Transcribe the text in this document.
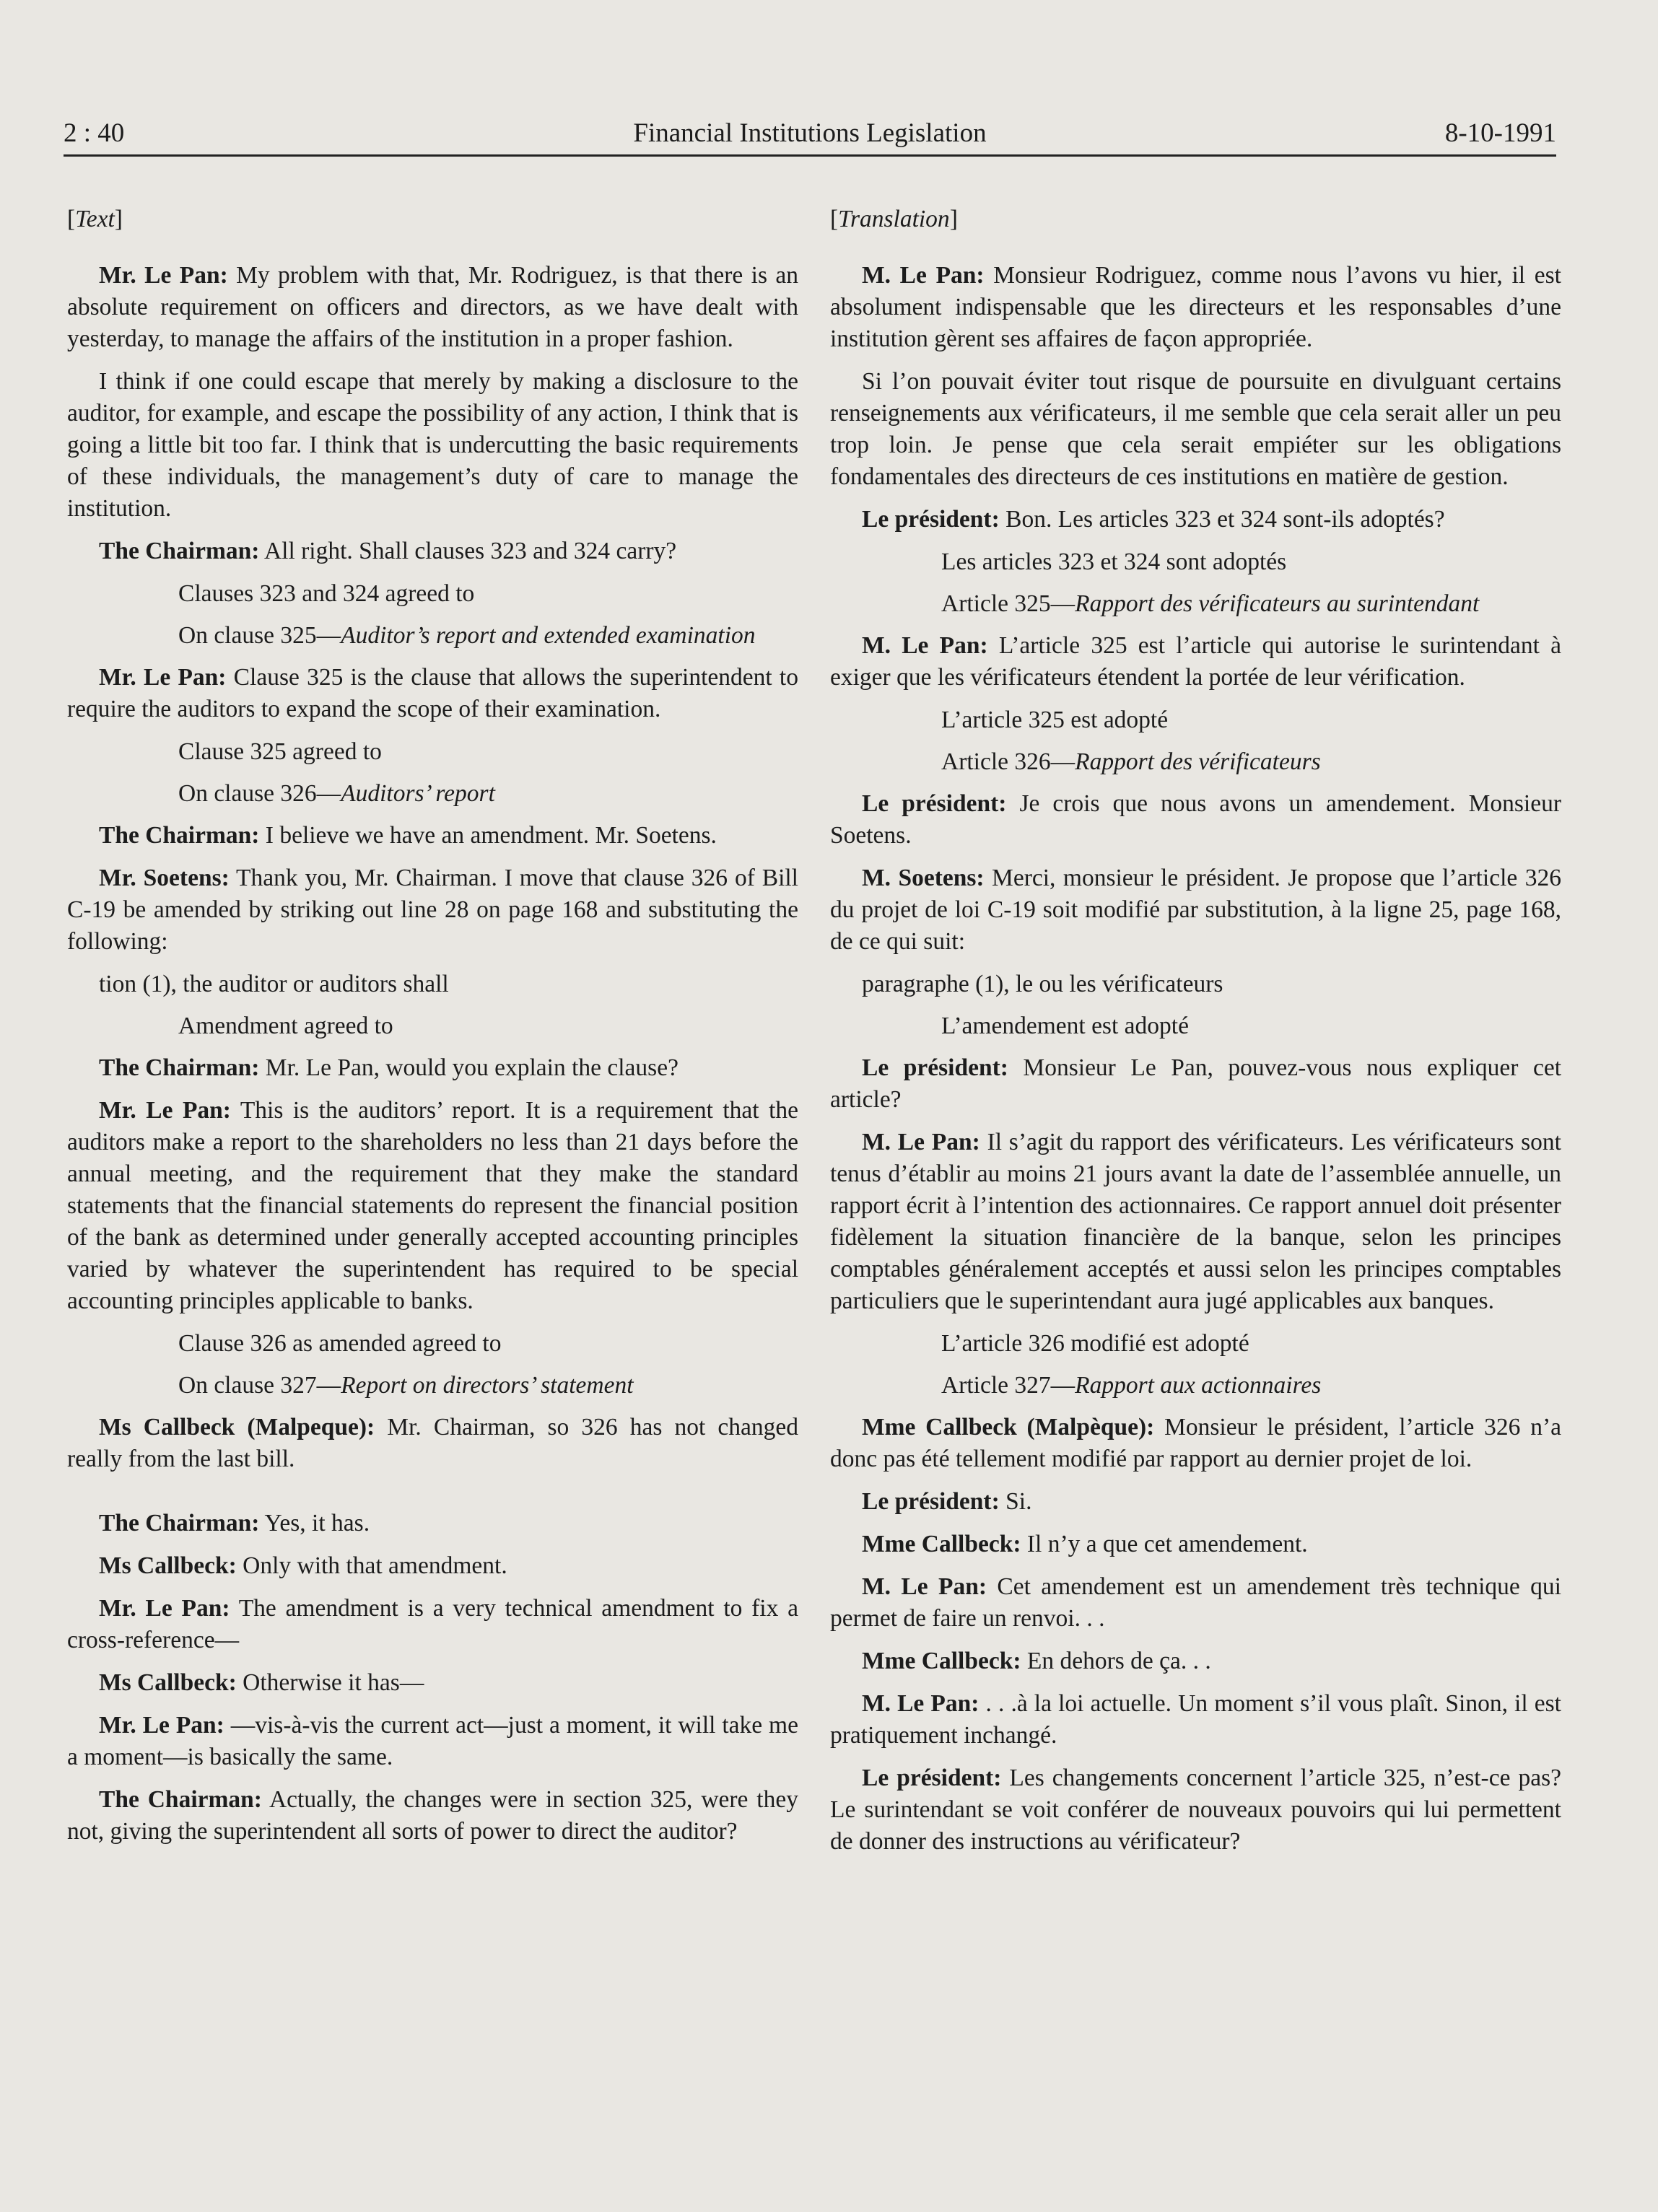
2 : 40	Financial Institutions Legislation	8-10-1991

[Text]

Mr. Le Pan: My problem with that, Mr. Rodriguez, is that there is an absolute requirement on officers and directors, as we have dealt with yesterday, to manage the affairs of the institution in a proper fashion.

I think if one could escape that merely by making a disclosure to the auditor, for example, and escape the possibility of any action, I think that is going a little bit too far. I think that is undercutting the basic requirements of these individuals, the management’s duty of care to manage the institution.

The Chairman: All right. Shall clauses 323 and 324 carry?

Clauses 323 and 324 agreed to

On clause 325—Auditor’s report and extended examination

Mr. Le Pan: Clause 325 is the clause that allows the superintendent to require the auditors to expand the scope of their examination.

Clause 325 agreed to

On clause 326—Auditors’ report

The Chairman: I believe we have an amendment. Mr. Soetens.

Mr. Soetens: Thank you, Mr. Chairman. I move that clause 326 of Bill C-19 be amended by striking out line 28 on page 168 and substituting the following:

tion (1), the auditor or auditors shall

Amendment agreed to

The Chairman: Mr. Le Pan, would you explain the clause?

Mr. Le Pan: This is the auditors’ report. It is a requirement that the auditors make a report to the shareholders no less than 21 days before the annual meeting, and the requirement that they make the standard statements that the financial statements do represent the financial position of the bank as determined under generally accepted accounting principles varied by whatever the superintendent has required to be special accounting principles applicable to banks.

Clause 326 as amended agreed to

On clause 327—Report on directors’ statement

Ms Callbeck (Malpeque): Mr. Chairman, so 326 has not changed really from the last bill.

The Chairman: Yes, it has.

Ms Callbeck: Only with that amendment.

Mr. Le Pan: The amendment is a very technical amendment to fix a cross-reference—

Ms Callbeck: Otherwise it has—

Mr. Le Pan: —vis-à-vis the current act—just a moment, it will take me a moment—is basically the same.

The Chairman: Actually, the changes were in section 325, were they not, giving the superintendent all sorts of power to direct the auditor?

[Translation]

M. Le Pan: Monsieur Rodriguez, comme nous l’avons vu hier, il est absolument indispensable que les directeurs et les responsables d’une institution gèrent ses affaires de façon appropriée.

Si l’on pouvait éviter tout risque de poursuite en divulguant certains renseignements aux vérificateurs, il me semble que cela serait aller un peu trop loin. Je pense que cela serait empiéter sur les obligations fondamentales des directeurs de ces institutions en matière de gestion.

Le président: Bon. Les articles 323 et 324 sont-ils adoptés?

Les articles 323 et 324 sont adoptés

Article 325—Rapport des vérificateurs au surintendant

M. Le Pan: L’article 325 est l’article qui autorise le surintendant à exiger que les vérificateurs étendent la portée de leur vérification.

L’article 325 est adopté

Article 326—Rapport des vérificateurs

Le président: Je crois que nous avons un amendement. Monsieur Soetens.

M. Soetens: Merci, monsieur le président. Je propose que l’article 326 du projet de loi C-19 soit modifié par substitution, à la ligne 25, page 168, de ce qui suit:

paragraphe (1), le ou les vérificateurs

L’amendement est adopté

Le président: Monsieur Le Pan, pouvez-vous nous expliquer cet article?

M. Le Pan: Il s’agit du rapport des vérificateurs. Les vérificateurs sont tenus d’établir au moins 21 jours avant la date de l’assemblée annuelle, un rapport écrit à l’intention des actionnaires. Ce rapport annuel doit présenter fidèlement la situation financière de la banque, selon les principes comptables généralement acceptés et aussi selon les principes comptables particuliers que le superintendant aura jugé applicables aux banques.

L’article 326 modifié est adopté

Article 327—Rapport aux actionnaires

Mme Callbeck (Malpèque): Monsieur le président, l’article 326 n’a donc pas été tellement modifié par rapport au dernier projet de loi.

Le président: Si.

Mme Callbeck: Il n’y a que cet amendement.

M. Le Pan: Cet amendement est un amendement très technique qui permet de faire un renvoi. . .

Mme Callbeck: En dehors de ça. . .

M. Le Pan: . . .à la loi actuelle. Un moment s’il vous plaît. Sinon, il est pratiquement inchangé.

Le président: Les changements concernent l’article 325, n’est-ce pas? Le surintendant se voit conférer de nouveaux pouvoirs qui lui permettent de donner des instructions au vérificateur?
